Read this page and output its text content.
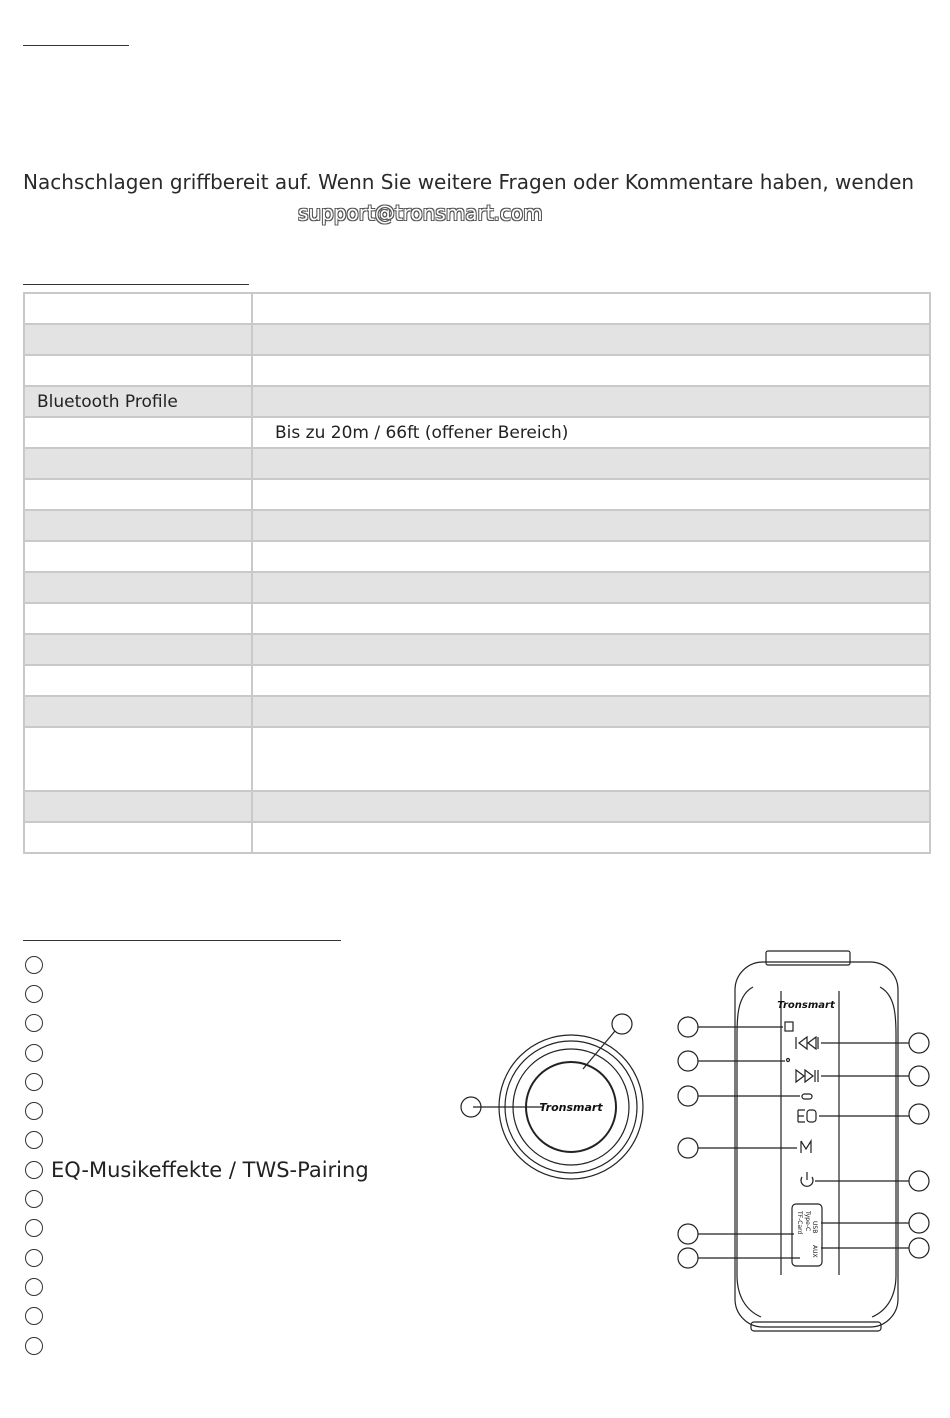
Nachschlagen griffbereit auf. Wenn Sie weitere Fragen oder Kommentare haben, wenden
support@tronsmart.com

Bluetooth Profile	
	Bis zu 20m / 66ft (offener Bereich)

EQ-Musikeffekte / TWS-Pairing
Tronsmart
Tronsmart
TF-Card Type-C USB
AUX
